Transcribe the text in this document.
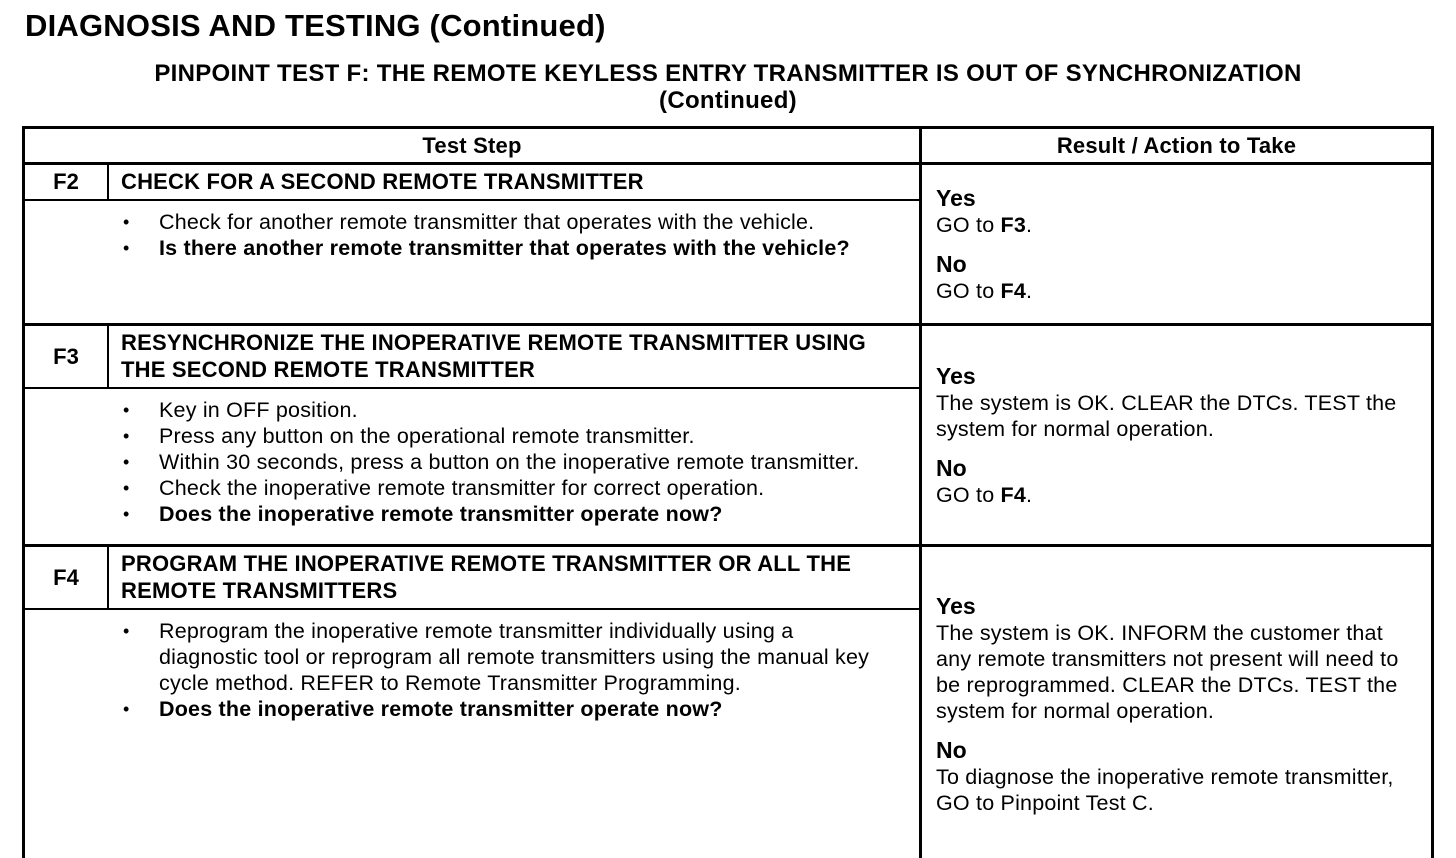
DIAGNOSIS AND TESTING (Continued)
PINPOINT TEST F: THE REMOTE KEYLESS ENTRY TRANSMITTER IS OUT OF SYNCHRONIZATION
(Continued)
Test Step	Result / Action to Take
F2	CHECK FOR A SECOND REMOTE TRANSMITTER
•	Check for another remote transmitter that operates with the vehicle.
•	Is there another remote transmitter that operates with the vehicle?
Yes
GO to F3.
No
GO to F4.
F3
RESYNCHRONIZE THE INOPERATIVE REMOTE TRANSMITTER USING THE SECOND REMOTE TRANSMITTER
•	Key in OFF position.
•	Press any button on the operational remote transmitter.
•	Within 30 seconds, press a button on the inoperative remote transmitter.
•	Check the inoperative remote transmitter for correct operation.
•	Does the inoperative remote transmitter operate now?
Yes
The system is OK. CLEAR the DTCs. TEST the system for normal operation.
No
GO to F4.
F4
PROGRAM THE INOPERATIVE REMOTE TRANSMITTER OR ALL THE REMOTE TRANSMITTERS
•	Reprogram the inoperative remote transmitter individually using a diagnostic tool or reprogram all remote transmitters using the manual key cycle method. REFER to Remote Transmitter Programming.
•	Does the inoperative remote transmitter operate now?
Yes
The system is OK. INFORM the customer that any remote transmitters not present will need to be reprogrammed. CLEAR the DTCs. TEST the system for normal operation.
No
To diagnose the inoperative remote transmitter, GO to Pinpoint Test C.
